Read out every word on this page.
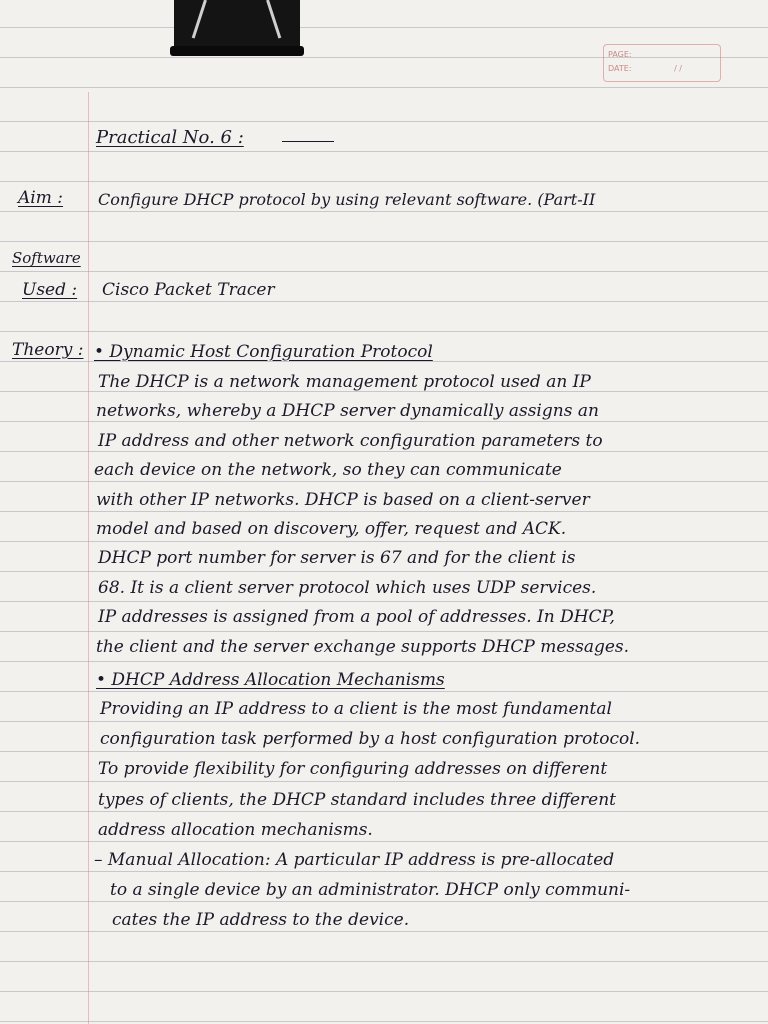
PAGE:
DATE:	/ /
Practical No. 6 :
Aim : Configure DHCP protocol by using relevant software. (Part-II
Software
Used : Cisco Packet Tracer
Theory : • Dynamic Host Configuration Protocol
The DHCP is a network management protocol used an IP
networks, whereby a DHCP server dynamically assigns an
IP address and other network configuration parameters to
each device on the network, so they can communicate
with other IP networks. DHCP is based on a client-server
model and based on discovery, offer, request and ACK.
DHCP port number for server is 67 and for the client is
68. It is a client server protocol which uses UDP services.
IP addresses is assigned from a pool of addresses. In DHCP,
the client and the server exchange supports DHCP messages.
• DHCP Address Allocation Mechanisms
Providing an IP address to a client is the most fundamental
configuration task performed by a host configuration protocol.
To provide flexibility for configuring addresses on different
types of clients, the DHCP standard includes three different
address allocation mechanisms.
– Manual Allocation: A particular IP address is pre-allocated
to a single device by an administrator. DHCP only communi-
cates the IP address to the device.
